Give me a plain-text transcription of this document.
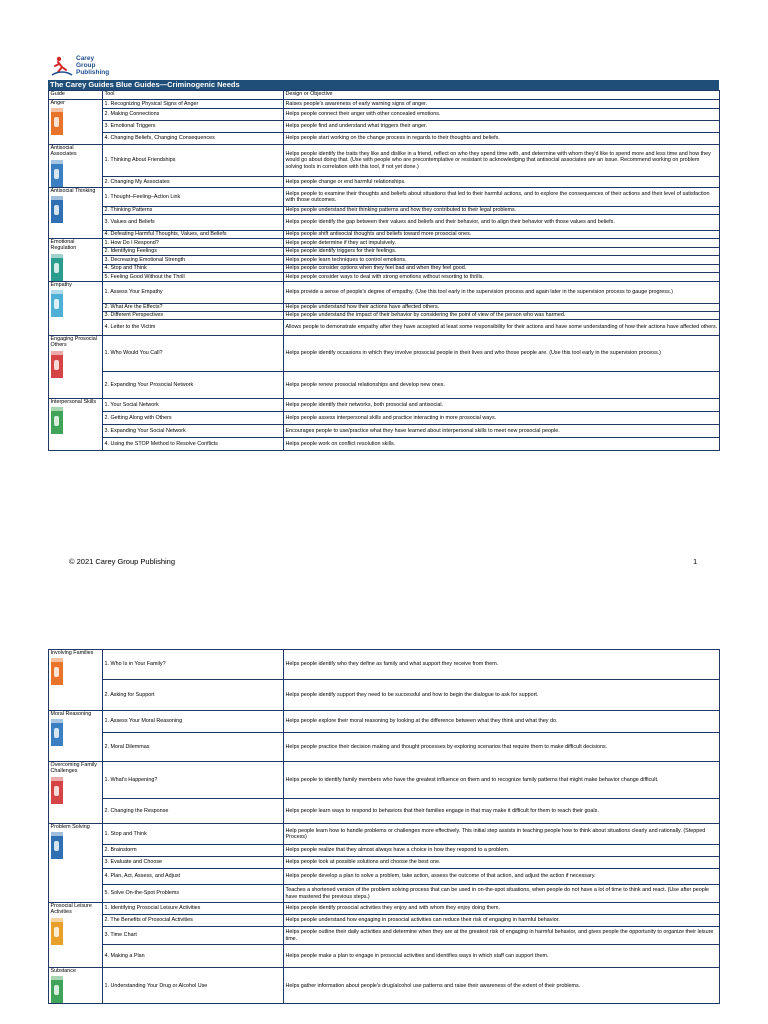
Carey
Group
Publishing
The Carey Guides Blue Guides—Criminogenic Needs
Guide	Tool	Design or Objective

Anger	1. Recognizing Physical Signs of Anger	Raises people's awareness of early warning signs of anger.
	2. Making Connections	Helps people connect their anger with other concealed emotions.
	3. Emotional Triggers	Helps people find and understand what triggers their anger.
	4. Changing Beliefs, Changing Consequences	Helps people start working on the change process in regards to their thoughts and beliefs.

Antisocial Associates	1. Thinking About Friendships	Helps people identify the traits they like and dislike in a friend, reflect on who they spend time with, and determine with whom they'd like to spend more and less time and how they would go about doing that. (Use with people who are precontemplative or resistant to acknowledging that antisocial associates are an issue. Recommend working on problem solving tools in correlation with this tool, if not yet done.)
	2. Changing My Associates	Helps people change or end harmful relationships.

Antisocial Thinking	1. Thought–Feeling–Action Link	Helps people to examine their thoughts and beliefs about situations that led to their harmful actions, and to explore the consequences of their actions and their level of satisfaction with those outcomes.
	2. Thinking Patterns	Helps people understand their thinking patterns and how they contributed to their legal problems.
	3. Values and Beliefs	Helps people identify the gap between their values and beliefs and their behavior, and to align their behavior with those values and beliefs.
	4. Defeating Harmful Thoughts, Values, and Beliefs	Helps people shift antisocial thoughts and beliefs toward more prosocial ones.

Emotional Regulation	1. How Do I Respond?	Helps people determine if they act impulsively.
	2. Identifying Feelings	Helps people identify triggers for their feelings.
	3. Decreasing Emotional Strength	Helps people learn techniques to control emotions.
	4. Stop and Think	Helps people consider options when they feel bad and when they feel good.
	5. Feeling Good Without the Thrill	Helps people consider ways to deal with strong emotions without resorting to thrills.

Empathy	1. Assess Your Empathy	Helps provide a sense of people's degree of empathy. (Use this tool early in the supervision process and again later in the supervision process to gauge progress.)
	2. What Are the Effects?	Helps people understand how their actions have affected others.
	3. Different Perspectives	Helps people understand the impact of their behavior by considering the point of view of the person who was harmed.
	4. Letter to the Victim	Allows people to demonstrate empathy after they have accepted at least some responsibility for their actions and have some understanding of how their actions have affected others.

Engaging Prosocial Others	1. Who Would You Call?	Helps people identify occasions in which they involve prosocial people in their lives and who those people are. (Use this tool early in the supervision process.)
	2. Expanding Your Prosocial Network	Helps people renew prosocial relationships and develop new ones.

Interpersonal Skills	1. Your Social Network	Helps people identify their networks, both prosocial and antisocial.
	2. Getting Along with Others	Helps people assess interpersonal skills and practice interacting in more prosocial ways.
	3. Expanding Your Social Network	Encourages people to use/practice what they have learned about interpersonal skills to meet new prosocial people.
	4. Using the STOP Method to Resolve Conflicts	Helps people work on conflict resolution skills.
© 2021 Carey Group Publishing	1
Involving Families	1. Who Is in Your Family?	Helps people identify who they define as family and what support they receive from them.
	2. Asking for Support	Helps people identify support they need to be successful and how to begin the dialogue to ask for support.

Moral Reasoning	1. Assess Your Moral Reasoning	Helps people explore their moral reasoning by looking at the difference between what they think and what they do.
	2. Moral Dilemmas	Helps people practice their decision making and thought processes by exploring scenarios that require them to make difficult decisions.

Overcoming Family Challenges	1. What's Happening?	Helps people to identify family members who have the greatest influence on them and to recognize family patterns that might make behavior change difficult.
	2. Changing the Response	Helps people learn ways to respond to behaviors that their families engage in that may make it difficult for them to reach their goals.

Problem Solving	1. Stop and Think	Help people learn how to handle problems or challenges more effectively. This initial step assists in teaching people how to think about situations clearly and rationally. (Stepped Process)
	2. Brainstorm	Helps people realize that they almost always have a choice in how they respond to a problem.
	3. Evaluate and Choose	Helps people look at possible solutions and choose the best one.
	4. Plan, Act, Assess, and Adjust	Helps people develop a plan to solve a problem, take action, assess the outcome of that action, and adjust the action if necessary.
	5. Solve On-the-Spot Problems	Teaches a shortened version of the problem solving process that can be used in on-the-spot situations, when people do not have a lot of time to think and react. (Use after people have mastered the previous steps.)

Prosocial Leisure Activities	1. Identifying Prosocial Leisure Activities	Helps people identify prosocial activities they enjoy and with whom they enjoy doing them.
	2. The Benefits of Prosocial Activities	Helps people understand how engaging in prosocial activities can reduce their risk of engaging in harmful behavior.
	3. Time Chart	Helps people outline their daily activities and determine when they are at the greatest risk of engaging in harmful behavior, and gives people the opportunity to organize their leisure time.
	4. Making a Plan	Helps people make a plan to engage in prosocial activities and identifies ways in which staff can support them.

Substance	1. Understanding Your Drug or Alcohol Use	Helps gather information about people's drug/alcohol use patterns and raise their awareness of the extent of their problems.
